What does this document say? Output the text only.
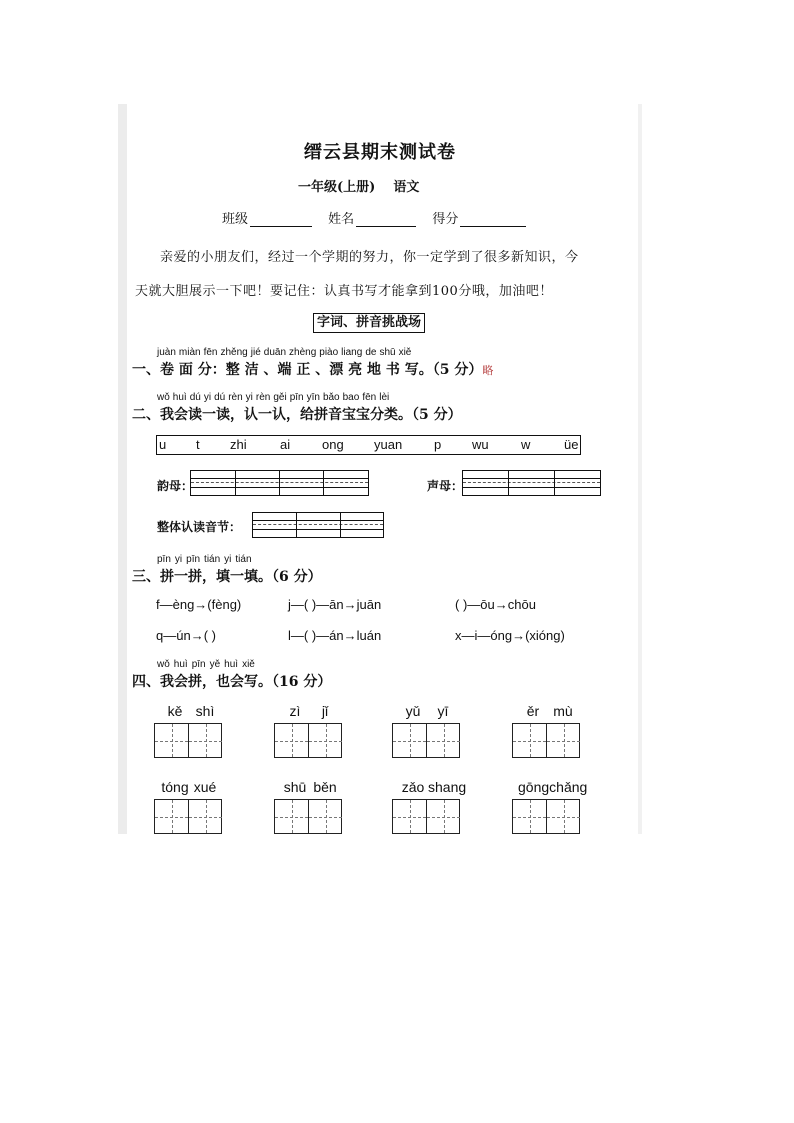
缙云县期末测试卷
一年级(上册) 语文
班级	姓名	得分
亲爱的小朋友们，经过一个学期的努力，你一定学到了很多新知识，今
天就大胆展示一下吧！要记住：认真书写才能拿到100分哦，加油吧！
字词、拼音挑战场
juàn miàn fēn zhěng jié duān zhèng piào liang de shū xiě
一、卷 面 分：整 洁 、端 正 、漂 亮 地 书 写。（5 分）略
wǒ huì dú yi dú rèn yi rèn gěi pīn yīn bǎo bao fēn lèi
二、我会读一读，认一认，给拼音宝宝分类。（5 分）
u t zhi	ai ong yuan p wu w	üe
韵母：	声母：
整体认读音节：
pīn yi pīn tián yi tián
三、拼一拼，填一填。（6 分）
f—èng→(fèng)	j—( )—ān→juān	( )—ōu→chōu
q—ún→( )	l—( )—án→luán	x—i—óng→(xióng)
wǒ huì pīn yě huì xiě
四、我会拼，也会写。（16 分）
kě shì	zì jǐ	yǔ yī	ěr mù
tóng xué	shū běn	zǎo shang	gōngchǎng
